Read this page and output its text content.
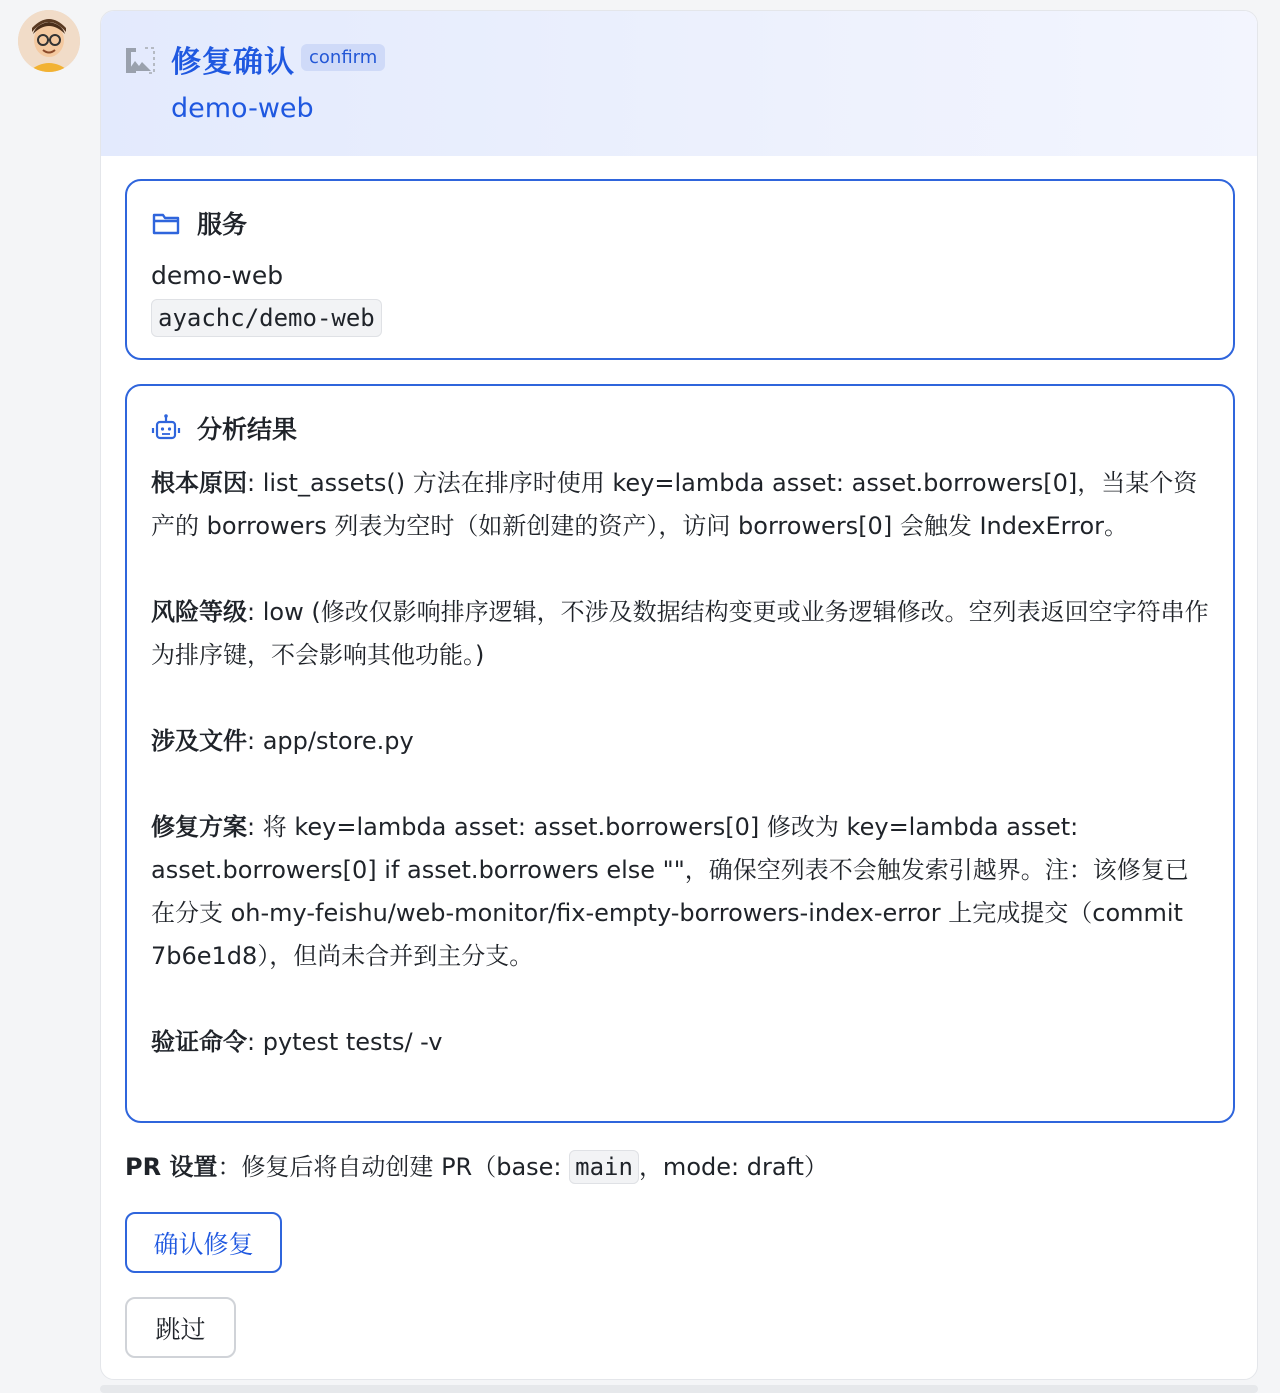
修复确认 confirm
demo-web
服务
demo-web
ayachc/demo-web
分析结果

根本原因: list_assets() 方法在排序时使用 key=lambda asset: asset.borrowers[0]，当某个资产的 borrowers 列表为空时（如新创建的资产），访问 borrowers[0] 会触发 IndexError。

风险等级: low (修改仅影响排序逻辑，不涉及数据结构变更或业务逻辑修改。空列表返回空字符串作为排序键，不会影响其他功能。)

涉及文件: app/store.py

修复方案: 将 key=lambda asset: asset.borrowers[0] 修改为 key=lambda asset: asset.borrowers[0] if asset.borrowers else ""，确保空列表不会触发索引越界。注：该修复已在分支 oh-my-feishu/web-monitor/fix-empty-borrowers-index-error 上完成提交（commit 7b6e1d8），但尚未合并到主分支。

验证命令: pytest tests/ -v

PR 设置：修复后将自动创建 PR（base: main ，mode: draft）
确认修复
跳过
